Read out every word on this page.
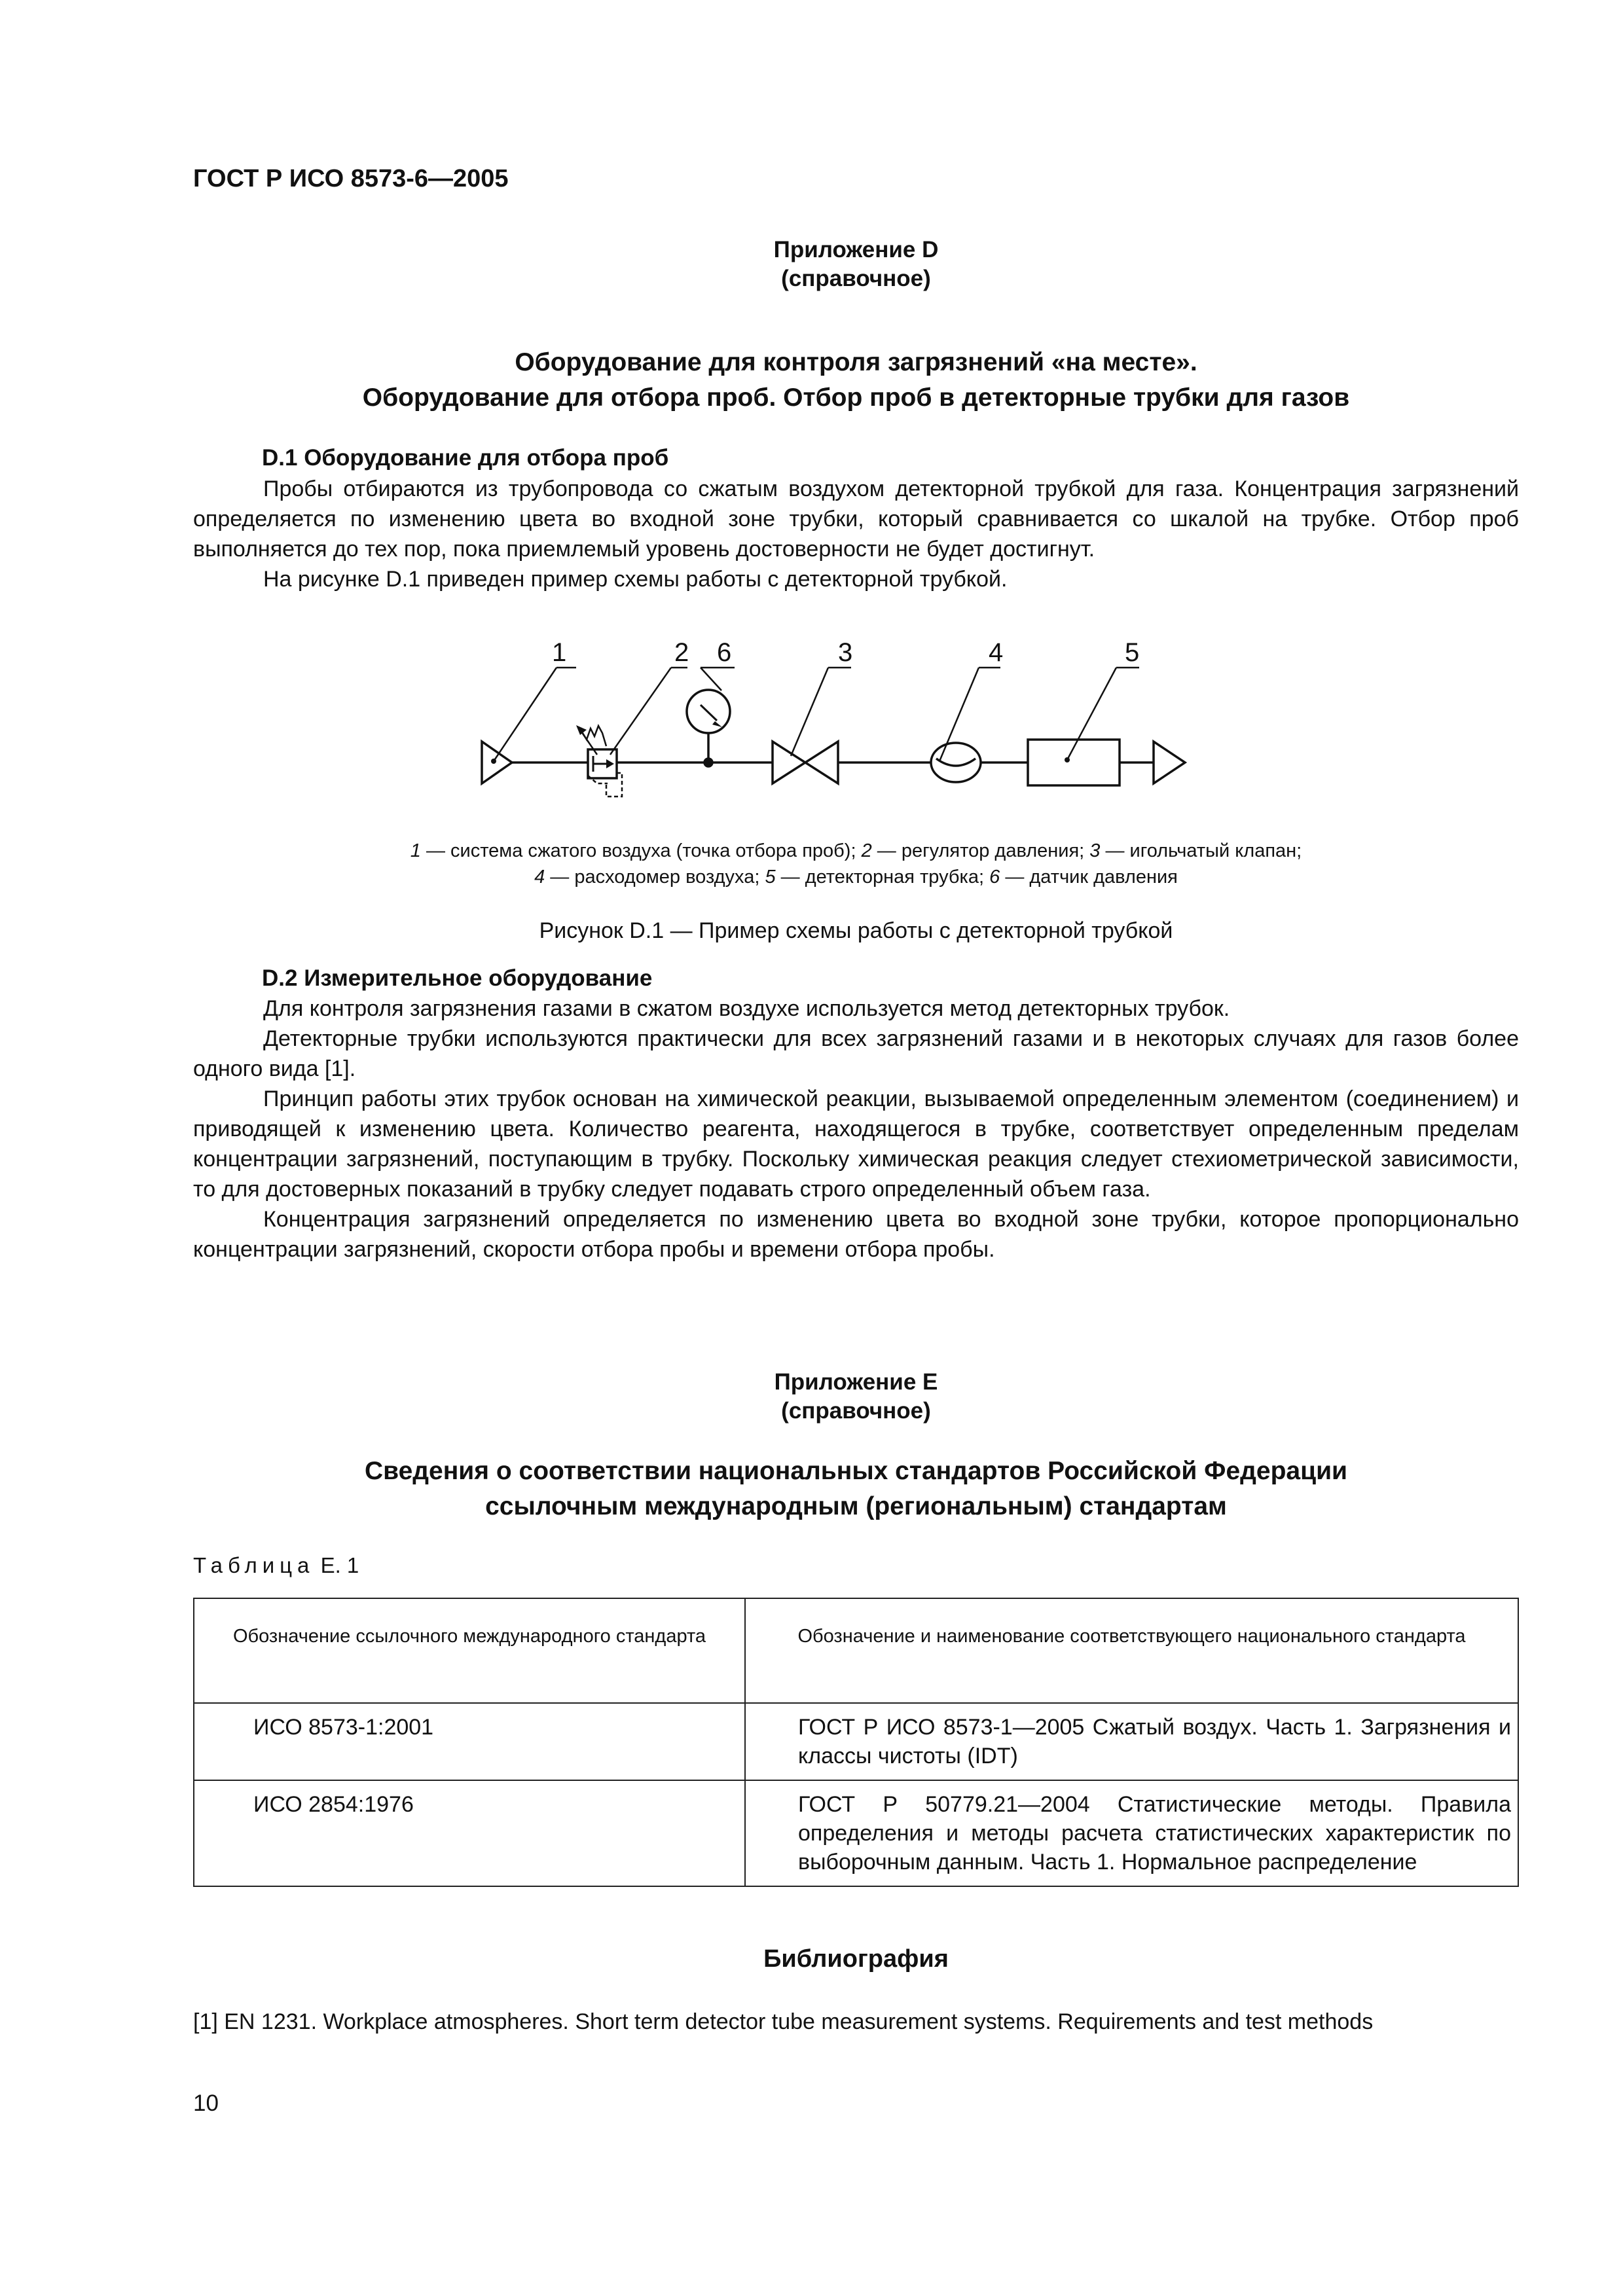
ГОСТ Р ИСО 8573-6—2005
Приложение D
(справочное)
Оборудование для контроля загрязнений «на месте».
Оборудование для отбора проб. Отбор проб в детекторные трубки для газов
D.1 Оборудование для отбора проб

Пробы отбираются из трубопровода со сжатым воздухом детекторной трубкой для газа. Концентрация загрязнений определяется по изменению цвета во входной зоне трубки, который сравнивается со шкалой на трубке. Отбор проб выполняется до тех пор, пока приемлемый уровень достоверности не будет достигнут.

На рисунке D.1 приведен пример схемы работы с детекторной трубкой.

1	2 6	3	4	5
1 — система сжатого воздуха (точка отбора проб); 2 — регулятор давления; 3 — игольчатый клапан;
4 — расходомер воздуха; 5 — детекторная трубка; 6 — датчик давления
Рисунок D.1 — Пример схемы работы с детекторной трубкой
D.2 Измерительное оборудование

Для контроля загрязнения газами в сжатом воздухе используется метод детекторных трубок.

Детекторные трубки используются практически для всех загрязнений газами и в некоторых случаях для газов более одного вида [1].

Принцип работы этих трубок основан на химической реакции, вызываемой определенным элементом (соединением) и приводящей к изменению цвета. Количество реагента, находящегося в трубке, соответствует определенным пределам концентрации загрязнений, поступающим в трубку. Поскольку химическая реакция следует стехиометрической зависимости, то для достоверных показаний в трубку следует подавать строго определенный объем газа.

Концентрация загрязнений определяется по изменению цвета во входной зоне трубки, которое пропорционально концентрации загрязнений, скорости отбора пробы и времени отбора пробы.

Приложение E
(справочное)
Сведения о соответствии национальных стандартов Российской Федерации
ссылочным международным (региональным) стандартам
Таблица E. 1
Обозначение ссылочного международного стандарта	Обозначение и наименование соответствующего национального стандарта
ИСО 8573-1:2001	ГОСТ Р ИСО 8573-1—2005 Сжатый воздух. Часть 1. Загрязнения и классы чистоты (IDT)
ИСО 2854:1976	ГОСТ Р 50779.21—2004 Статистические методы. Правила определения и методы расчета статистических характеристик по выборочным данным. Часть 1. Нормальное распределение
Библиография
[1] EN 1231. Workplace atmospheres. Short term detector tube measurement systems. Requirements and test methods
10
